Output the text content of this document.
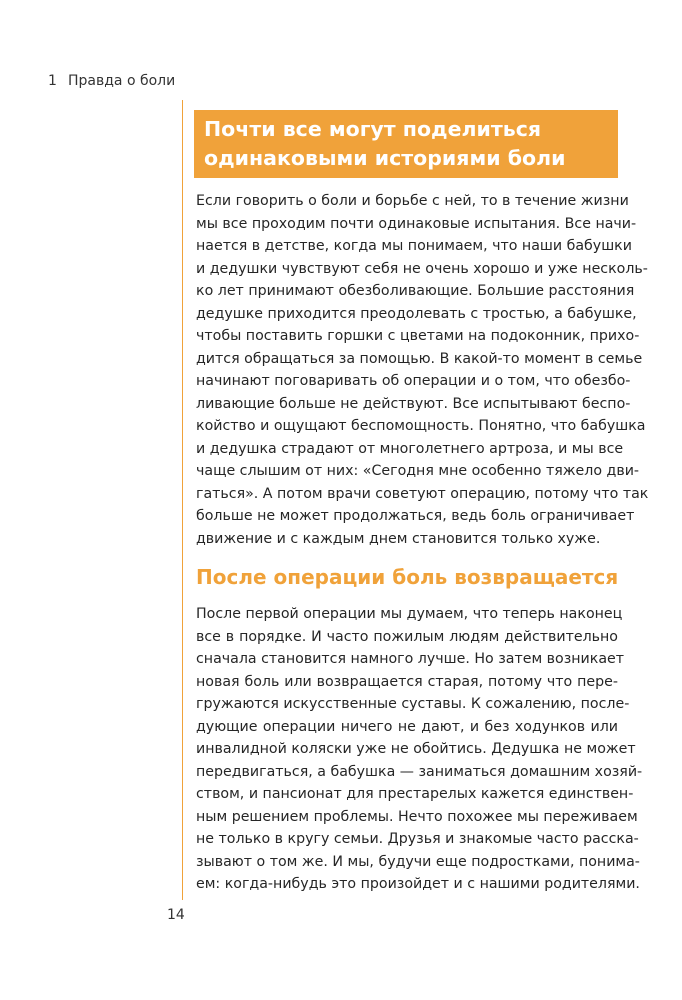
1 Правда о боли
Почти все могут поделиться
одинаковыми историями боли
Если говорить о боли и борьбе с ней, то в течение жизни
мы все проходим почти одинаковые испытания. Все начи-
нается в детстве, когда мы понимаем, что наши бабушки
и дедушки чувствуют себя не очень хорошо и уже несколь-
ко лет принимают обезболивающие. Большие расстояния
дедушке приходится преодолевать с тростью, а бабушке,
чтобы поставить горшки с цветами на подоконник, прихо-
дится обращаться за помощью. В какой-то момент в семье
начинают поговаривать об операции и о том, что обезбо-
ливающие больше не действуют. Все испытывают беспо-
койство и ощущают беспомощность. Понятно, что бабушка
и дедушка страдают от многолетнего артроза, и мы все
чаще слышим от них: «Сегодня мне особенно тяжело дви-
гаться». А потом врачи советуют операцию, потому что так
больше не может продолжаться, ведь боль ограничивает
движение и с каждым днем становится только хуже.
После операции боль возвращается
После первой операции мы думаем, что теперь наконец
все в порядке. И часто пожилым людям действительно
сначала становится намного лучше. Но затем возникает
новая боль или возвращается старая, потому что пере-
гружаются искусственные суставы. К сожалению, после-
дующие операции ничего не дают, и без ходунков или
инвалидной коляски уже не обойтись. Дедушка не может
передвигаться, а бабушка — заниматься домашним хозяй-
ством, и пансионат для престарелых кажется единствен-
ным решением проблемы. Нечто похожее мы переживаем
не только в кругу семьи. Друзья и знакомые часто расска-
зывают о том же. И мы, будучи еще подростками, понима-
ем: когда-нибудь это произойдет и с нашими родителями.
14
